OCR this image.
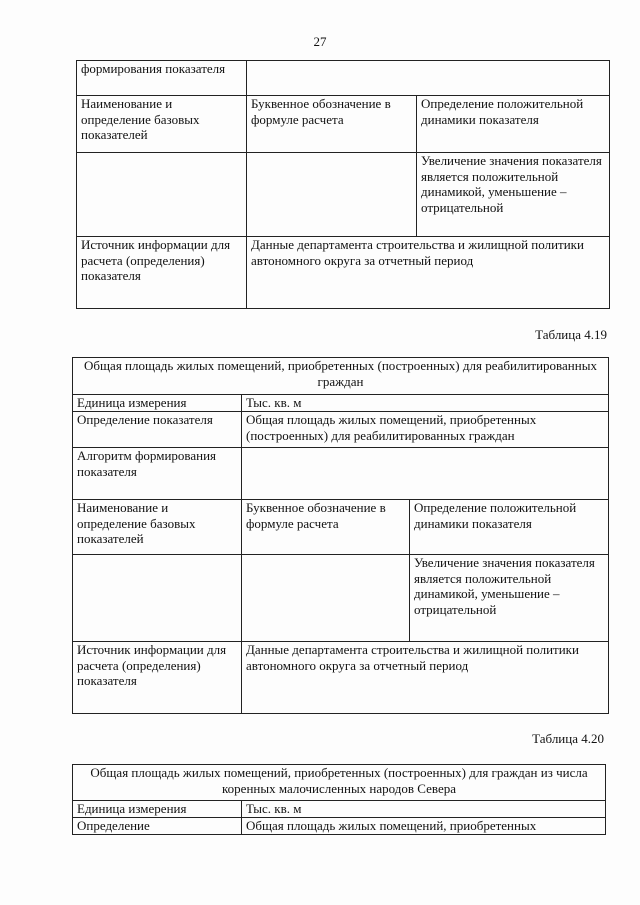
27
формирования показателя		
Наименование и определение базовых показателей	Буквенное обозначение в формуле расчета	Определение положительной динамики показателя
		Увеличение значения показателя является положительной динамикой, уменьшение – отрицательной
Источник информации для расчета (определения) показателя	Данные департамента строительства и жилищной политики автономного округа за отчетный период	
Таблица 4.19
Общая площадь жилых помещений, приобретенных (построенных) для реабилитированных граждан		
Единица измерения	Тыс. кв. м	
Определение показателя	Общая площадь жилых помещений, приобретенных (построенных) для реабилитированных граждан	
Алгоритм формирования показателя		
Наименование и определение базовых показателей	Буквенное обозначение в формуле расчета	Определение положительной динамики показателя
		Увеличение значения показателя является положительной динамикой, уменьшение – отрицательной
Источник информации для расчета (определения) показателя	Данные департамента строительства и жилищной политики автономного округа за отчетный период	
Таблица 4.20
Общая площадь жилых помещений, приобретенных (построенных) для граждан из числа коренных малочисленных народов Севера	
Единица измерения	Тыс. кв. м
Определение	Общая площадь жилых помещений, приобретенных
